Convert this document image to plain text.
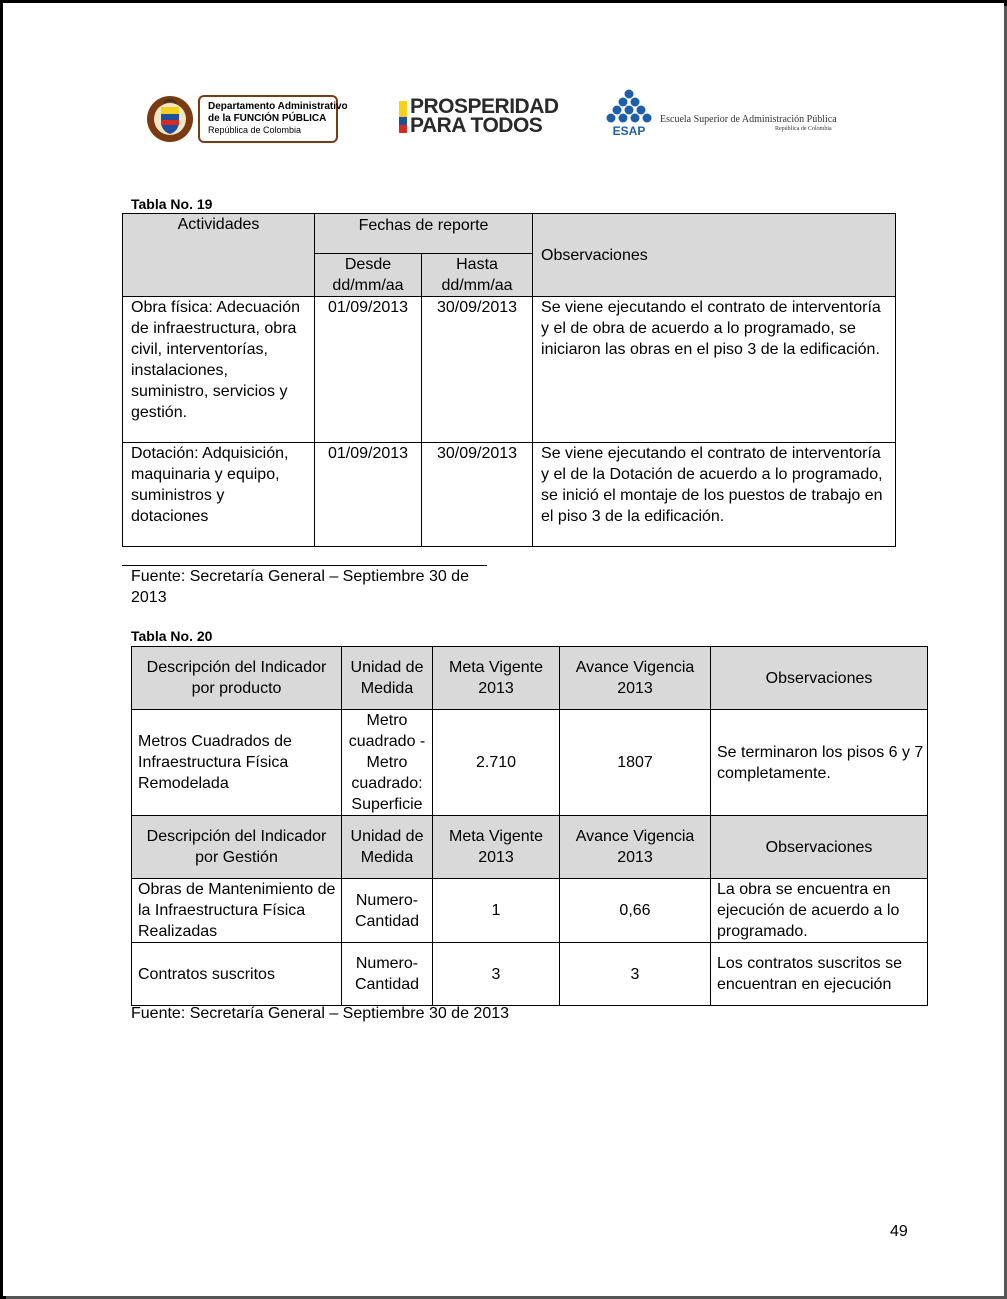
Departamento Administrativo
de la FUNCIÓN PÚBLICA
República de Colombia
PROSPERIDAD
PARA TODOS	ESAP
Escuela Superior de Administración Pública
República de Colombia
Tabla No. 19
Actividades	Fechas de reporte		Observaciones
	Desde dd/mm/aa	Hasta dd/mm/aa	
Obra física: Adecuación de infraestructura, obra civil, interventorías, instalaciones, suministro, servicios y gestión.	01/09/2013	30/09/2013	Se viene ejecutando el contrato de interventoría y el de obra de acuerdo a lo programado, se iniciaron las obras en el piso 3 de la edificación.
Dotación: Adquisición, maquinaria y equipo, suministros y dotaciones	01/09/2013	30/09/2013	Se viene ejecutando el contrato de interventoría y el de la Dotación de acuerdo a lo programado, se inició el montaje de los puestos de trabajo en el piso 3 de la edificación.
Fuente: Secretaría General – Septiembre 30 de 2013
Tabla No. 20
Descripción del Indicador por producto	Unidad de Medida	Meta Vigente 2013	Avance Vigencia 2013	Observaciones
Metros Cuadrados de Infraestructura Física Remodelada	Metro cuadrado - Metro cuadrado: Superficie	2.710	1807	Se terminaron los pisos 6 y 7 completamente.
Descripción del Indicador por Gestión	Unidad de Medida	Meta Vigente 2013	Avance Vigencia 2013	Observaciones
Obras de Mantenimiento de la Infraestructura Física Realizadas	Numero-Cantidad	1	0,66	La obra se encuentra en ejecución de acuerdo a lo programado.
Contratos suscritos	Numero-Cantidad	3	3	Los contratos suscritos se encuentran en ejecución
Fuente: Secretaría General – Septiembre 30 de 2013
49
